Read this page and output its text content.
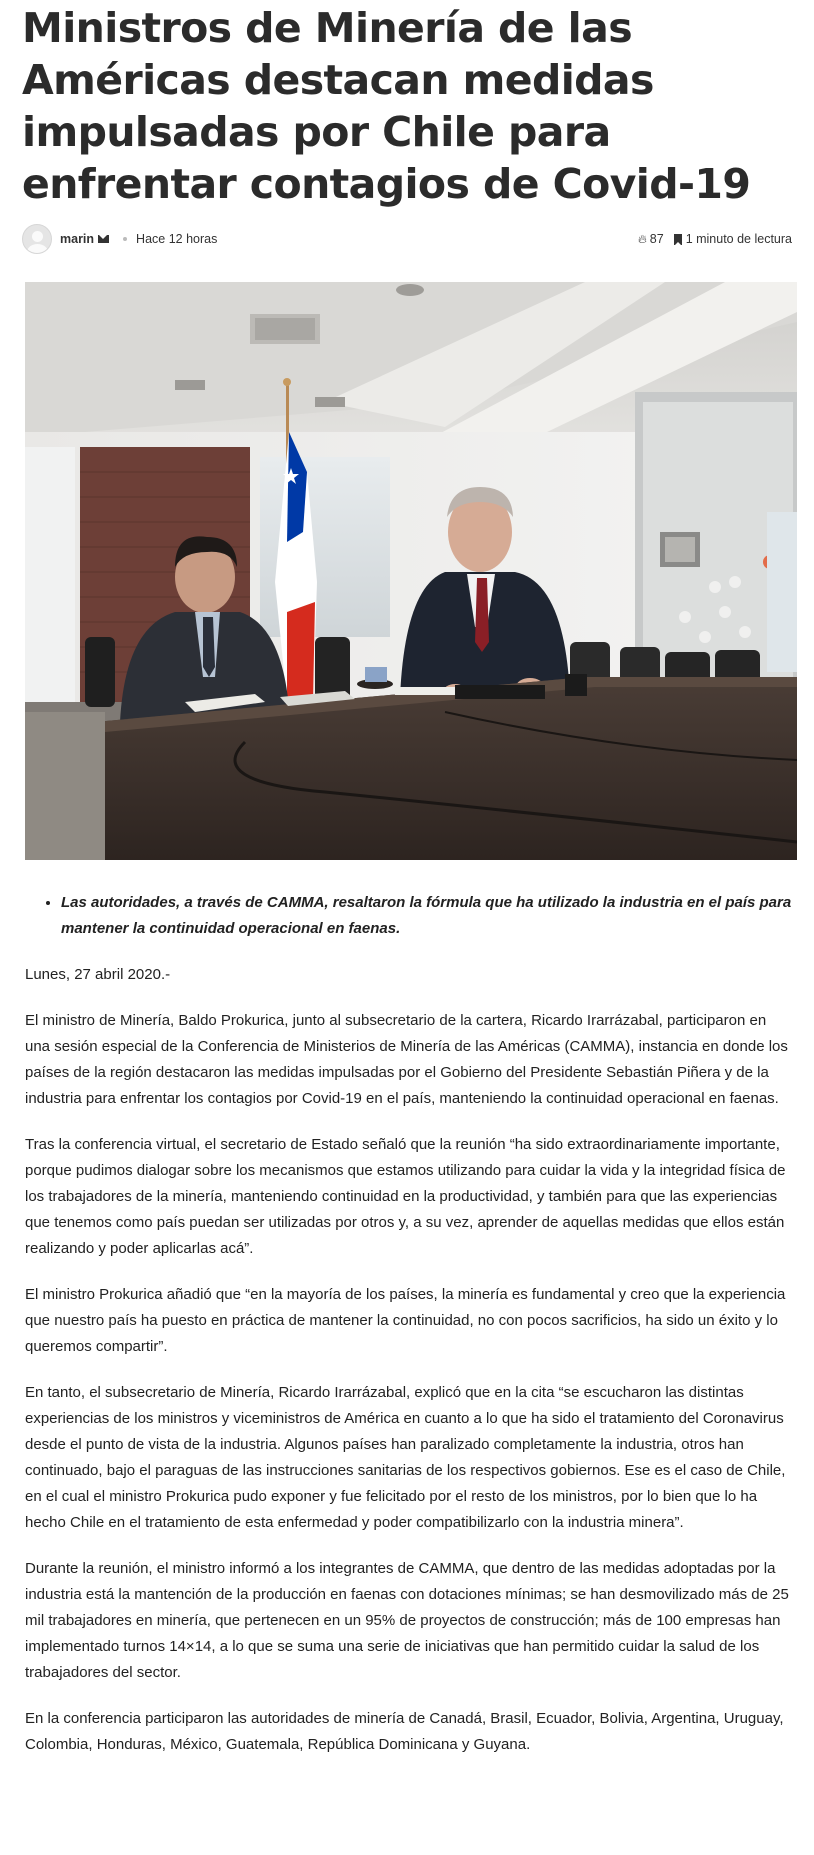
Ministros de Minería de las Américas destacan medidas impulsadas por Chile para enfrentar contagios de Covid-19
marin	Hace 12 horas	🔥︎ 87 1 minuto de lectura
• Las autoridades, a través de CAMMA, resaltaron la fórmula que ha utilizado la industria en el país para mantener la continuidad operacional en faenas.

Lunes, 27 abril 2020.-

El ministro de Minería, Baldo Prokurica, junto al subsecretario de la cartera, Ricardo Irarrázabal, participaron en una sesión especial de la Conferencia de Ministerios de Minería de las Américas (CAMMA), instancia en donde los países de la región destacaron las medidas impulsadas por el Gobierno del Presidente Sebastián Piñera y de la industria para enfrentar los contagios por Covid-19 en el país, manteniendo la continuidad operacional en faenas.

Tras la conferencia virtual, el secretario de Estado señaló que la reunión “ha sido extraordinariamente importante, porque pudimos dialogar sobre los mecanismos que estamos utilizando para cuidar la vida y la integridad física de los trabajadores de la minería, manteniendo continuidad en la productividad, y también para que las experiencias que tenemos como país puedan ser utilizadas por otros y, a su vez, aprender de aquellas medidas que ellos están realizando y poder aplicarlas acá”.

El ministro Prokurica añadió que “en la mayoría de los países, la minería es fundamental y creo que la experiencia que nuestro país ha puesto en práctica de mantener la continuidad, no con pocos sacrificios, ha sido un éxito y lo queremos compartir”.

En tanto, el subsecretario de Minería, Ricardo Irarrázabal, explicó que en la cita “se escucharon las distintas experiencias de los ministros y viceministros de América en cuanto a lo que ha sido el tratamiento del Coronavirus desde el punto de vista de la industria. Algunos países han paralizado completamente la industria, otros han continuado, bajo el paraguas de las instrucciones sanitarias de los respectivos gobiernos. Ese es el caso de Chile, en el cual el ministro Prokurica pudo exponer y fue felicitado por el resto de los ministros, por lo bien que lo ha hecho Chile en el tratamiento de esta enfermedad y poder compatibilizarlo con la industria minera”.

Durante la reunión, el ministro informó a los integrantes de CAMMA, que dentro de las medidas adoptadas por la industria está la mantención de la producción en faenas con dotaciones mínimas; se han desmovilizado más de 25 mil trabajadores en minería, que pertenecen en un 95% de proyectos de construcción; más de 100 empresas han implementado turnos 14×14, a lo que se suma una serie de iniciativas que han permitido cuidar la salud de los trabajadores del sector.

En la conferencia participaron las autoridades de minería de Canadá, Brasil, Ecuador, Bolivia, Argentina, Uruguay, Colombia, Honduras, México, Guatemala, República Dominicana y Guyana.
